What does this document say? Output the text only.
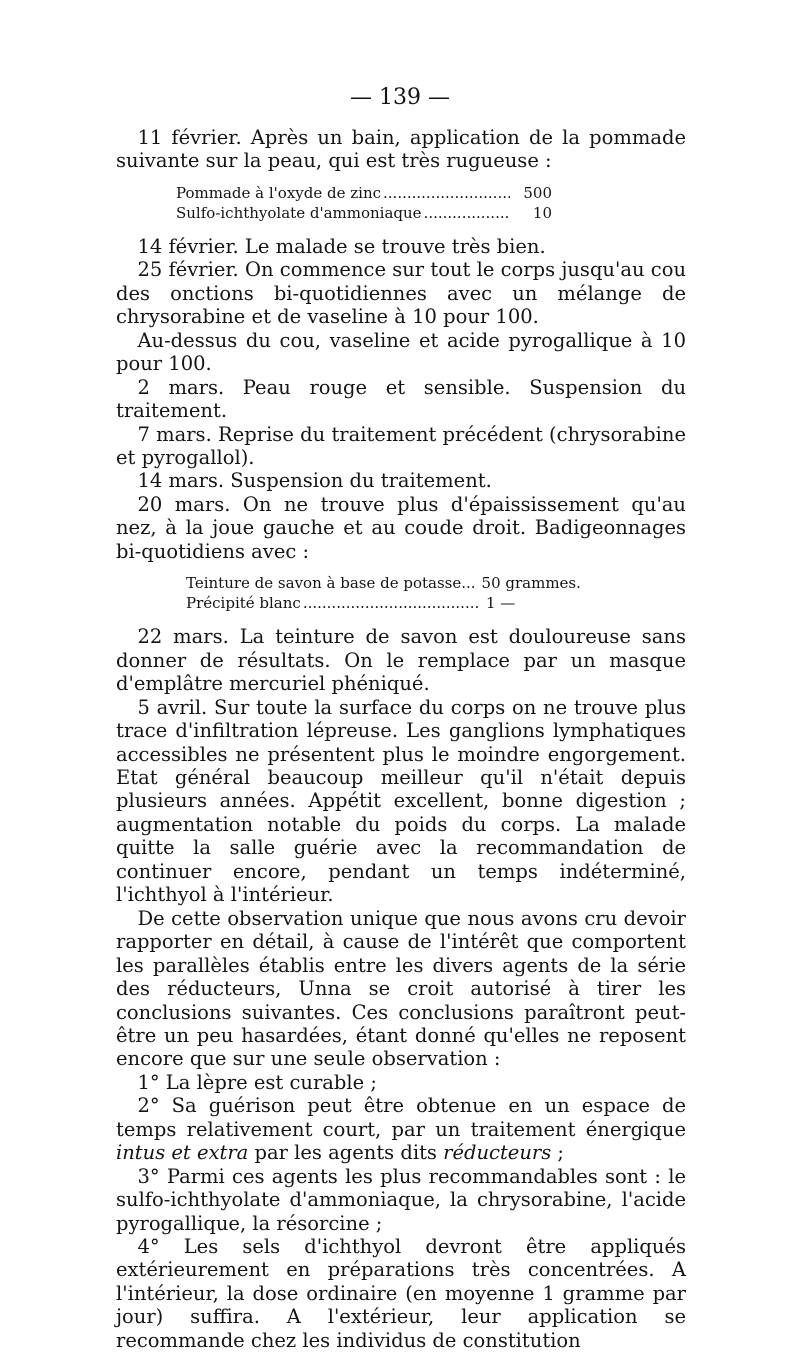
— 139 —

11 février. Après un bain, application de la pommade suivante sur la peau, qui est très rugueuse :

Pommade à l'oxyde de zinc .....	500
Sulfo-ichthyolate d'ammoniaque .....	10

14 février. Le malade se trouve très bien.

25 février. On commence sur tout le corps jusqu'au cou des onctions bi-quotidiennes avec un mélange de chrysorabine et de vaseline à 10 pour 100.

Au-dessus du cou, vaseline et acide pyrogallique à 10 pour 100.

2 mars. Peau rouge et sensible. Suspension du traitement.

7 mars. Reprise du traitement précédent (chrysorabine et pyrogallol).

14 mars. Suspension du traitement.

20 mars. On ne trouve plus d'épaississement qu'au nez, à la joue gauche et au coude droit. Badigeonnages bi-quotidiens avec :

Teinture de savon à base de potasse... 50 grammes.
Précipité blanc .....	1 —

22 mars. La teinture de savon est douloureuse sans donner de résultats. On le remplace par un masque d'emplâtre mercuriel phéniqué.

5 avril. Sur toute la surface du corps on ne trouve plus trace d'infiltration lépreuse. Les ganglions lymphatiques accessibles ne présentent plus le moindre engorgement. Etat général beaucoup meilleur qu'il n'était depuis plusieurs années. Appétit excellent, bonne digestion ; augmentation notable du poids du corps. La malade quitte la salle guérie avec la recommandation de continuer encore, pendant un temps indéterminé, l'ichthyol à l'intérieur.

De cette observation unique que nous avons cru devoir rapporter en détail, à cause de l'intérêt que comportent les parallèles établis entre les divers agents de la série des réducteurs, Unna se croit autorisé à tirer les conclusions suivantes. Ces conclusions paraîtront peut-être un peu hasardées, étant donné qu'elles ne reposent encore que sur une seule observation :

1° La lèpre est curable ;

2° Sa guérison peut être obtenue en un espace de temps relativement court, par un traitement énergique intus et extra par les agents dits réducteurs ;

3° Parmi ces agents les plus recommandables sont : le sulfo-ichthyolate d'ammoniaque, la chrysorabine, l'acide pyrogallique, la résorcine ;

4° Les sels d'ichthyol devront être appliqués extérieurement en préparations très concentrées. A l'intérieur, la dose ordinaire (en moyenne 1 gramme par jour) suffira. A l'extérieur, leur application se recommande chez les individus de constitution
